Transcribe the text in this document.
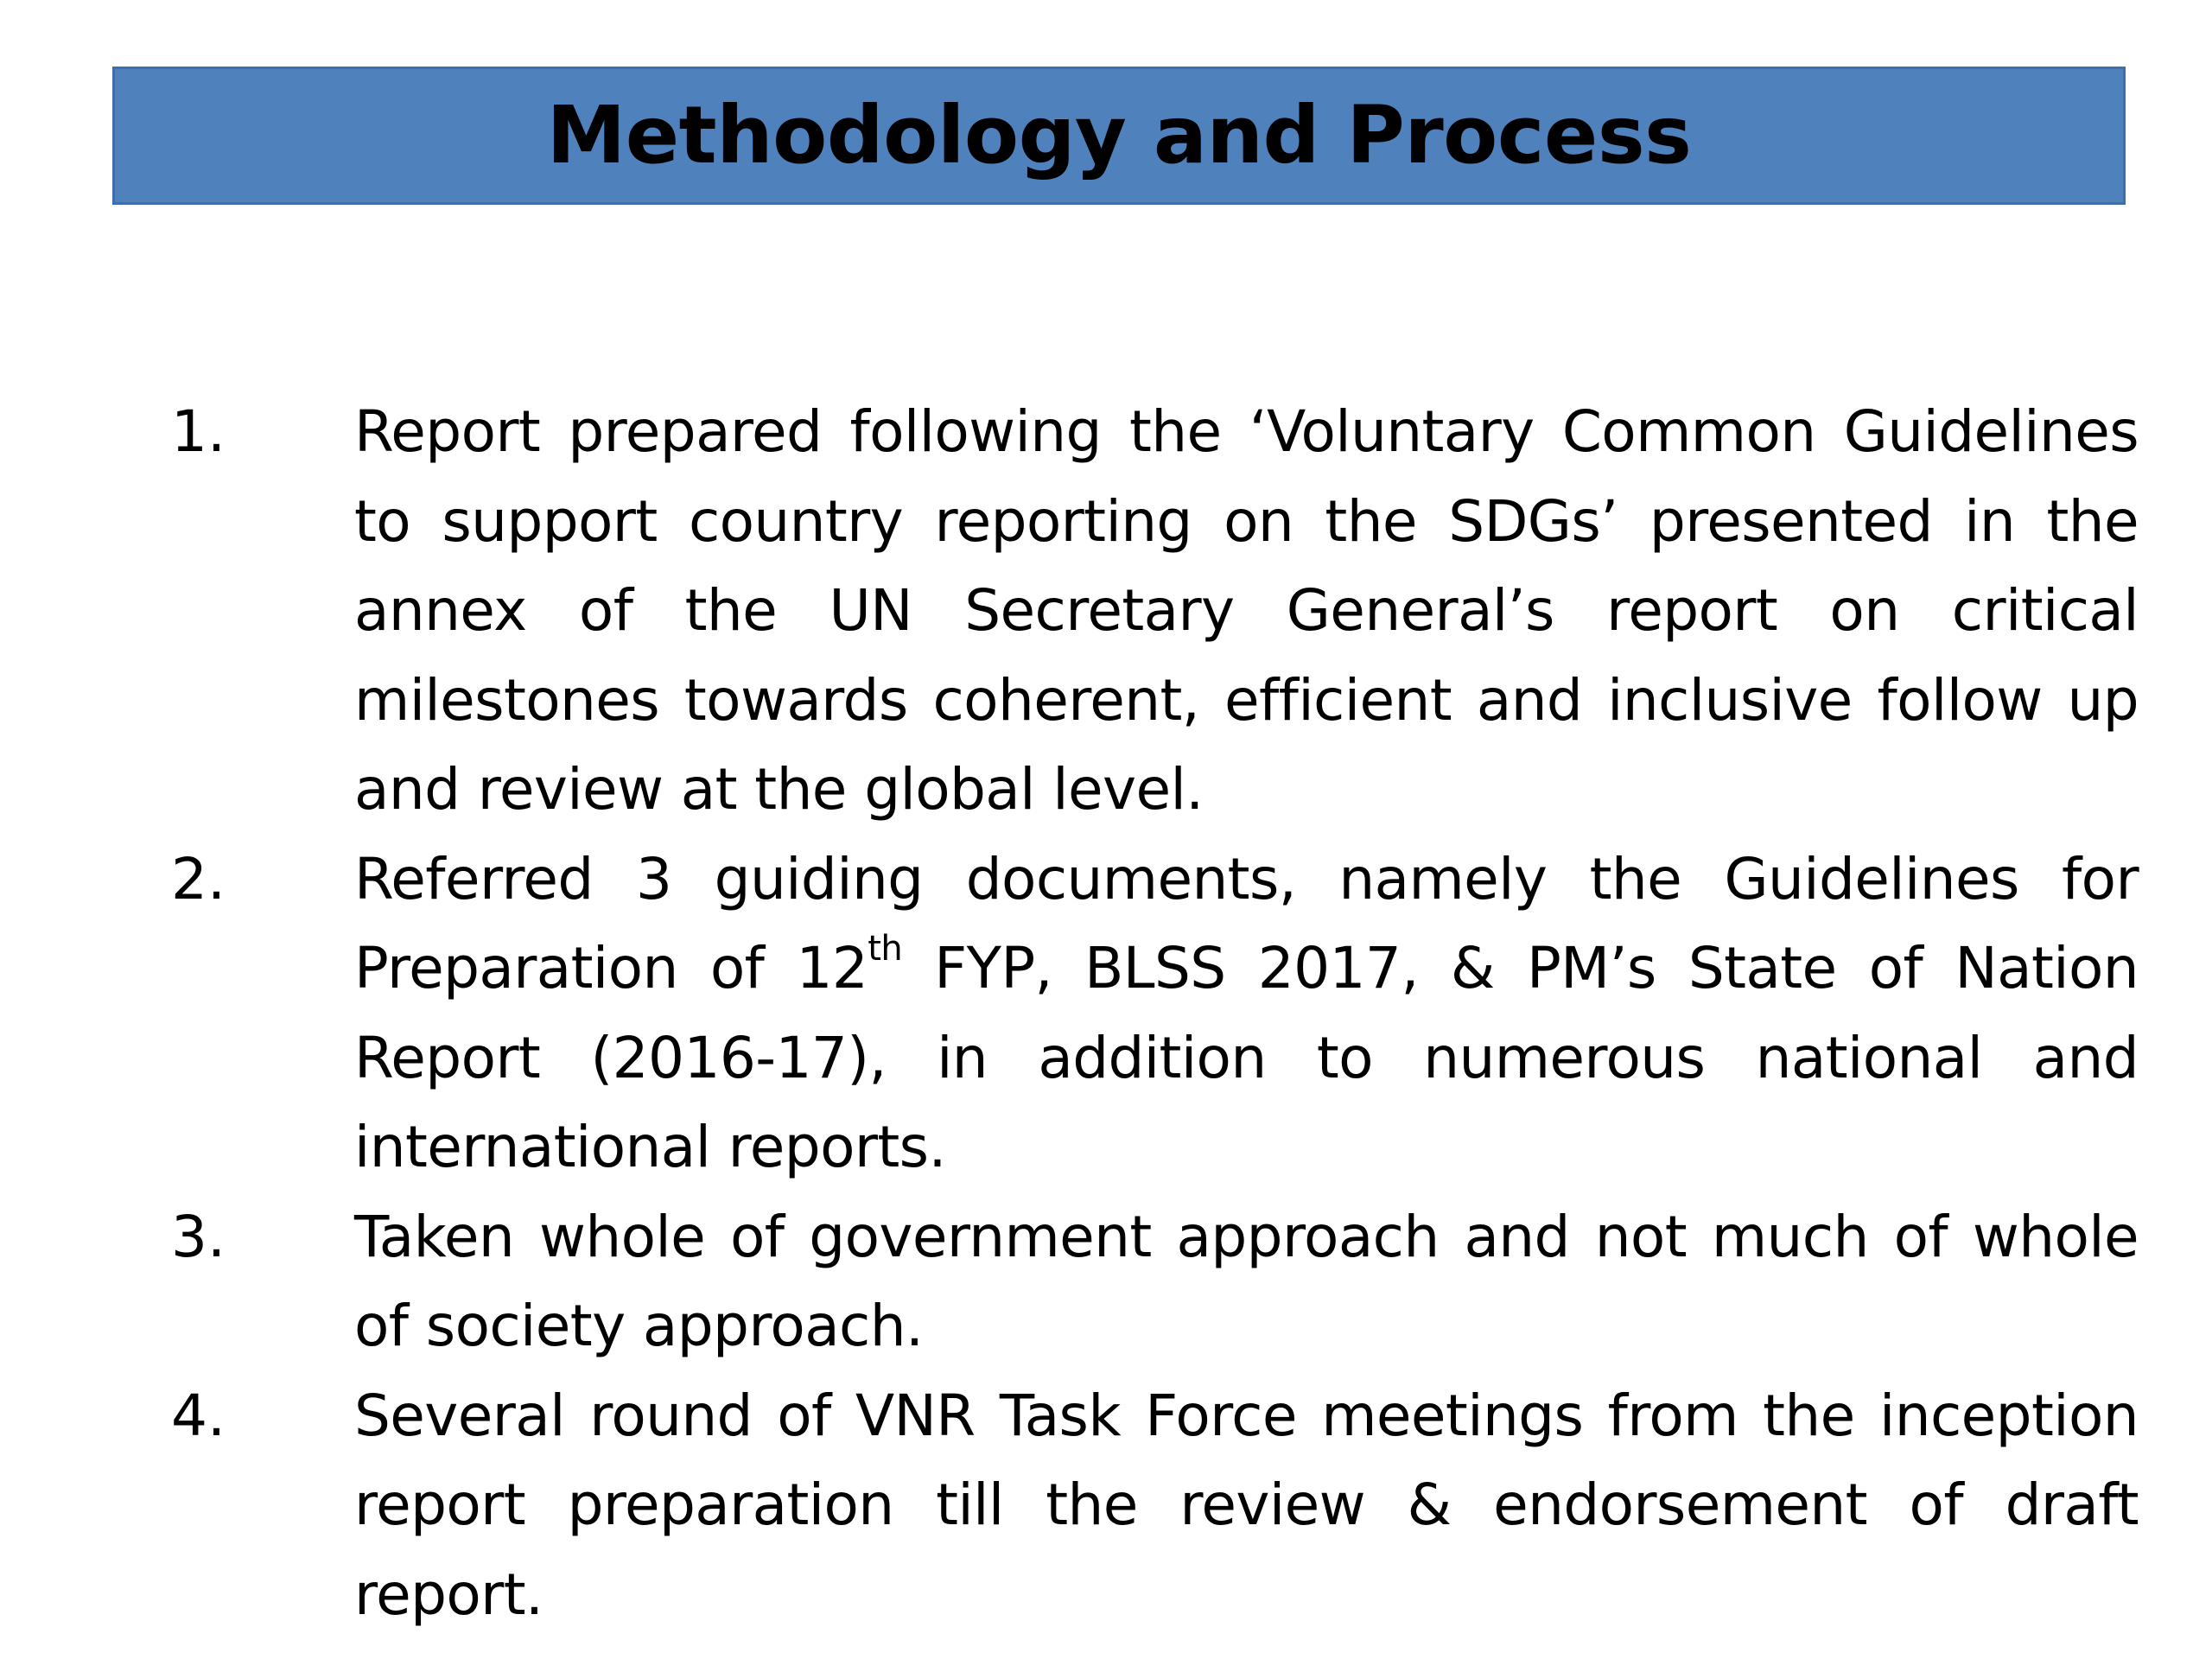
Methodology and Process
1. Report prepared following the ‘Voluntary Common Guidelines to support country reporting on the SDGs’ presented in the annex of the UN Secretary General’s report on critical milestones towards coherent, efficient and inclusive follow up and review at the global level.
2. Referred 3 guiding documents, namely the Guidelines for Preparation of 12th FYP, BLSS 2017, & PM’s State of Nation Report (2016-17), in addition to numerous national and international reports.
3. Taken whole of government approach and not much of whole of society approach.
4. Several round of VNR Task Force meetings from the inception report preparation till the review & endorsement of draft report.
